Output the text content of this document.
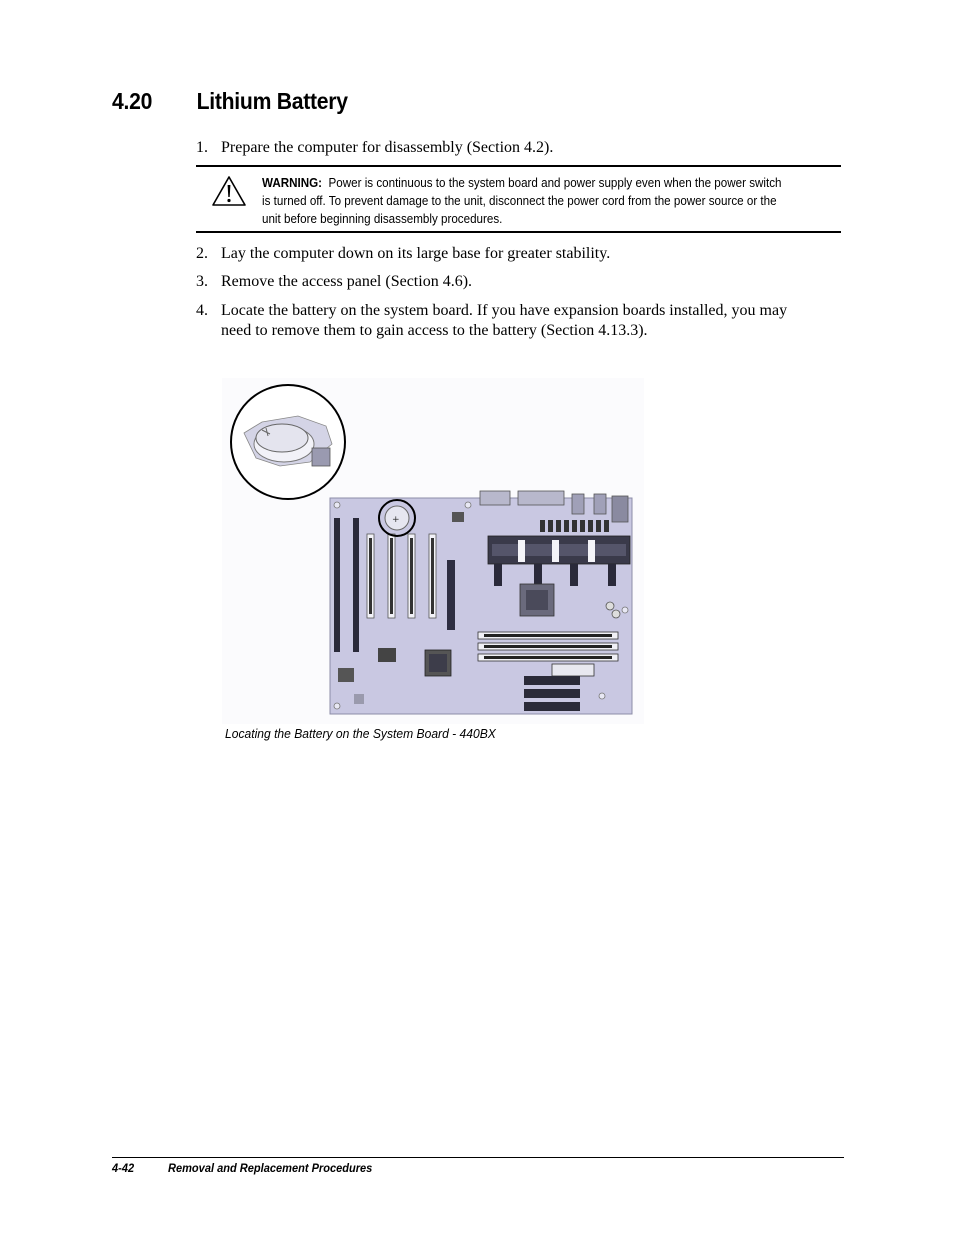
4.20 Lithium Battery
1. Prepare the computer for disassembly (Section 4.2).
WARNING: Power is continuous to the system board and power supply even when the power switch is turned off. To prevent damage to the unit, disconnect the power cord from the power source or the unit before beginning disassembly procedures.
2. Lay the computer down on its large base for greater stability.
3. Remove the access panel (Section 4.6).
4. Locate the battery on the system board. If you have expansion boards installed, you may need to remove them to gain access to the battery (Section 4.13.3).
+
Locating the Battery on the System Board - 440BX
4-42	Removal and Replacement Procedures
